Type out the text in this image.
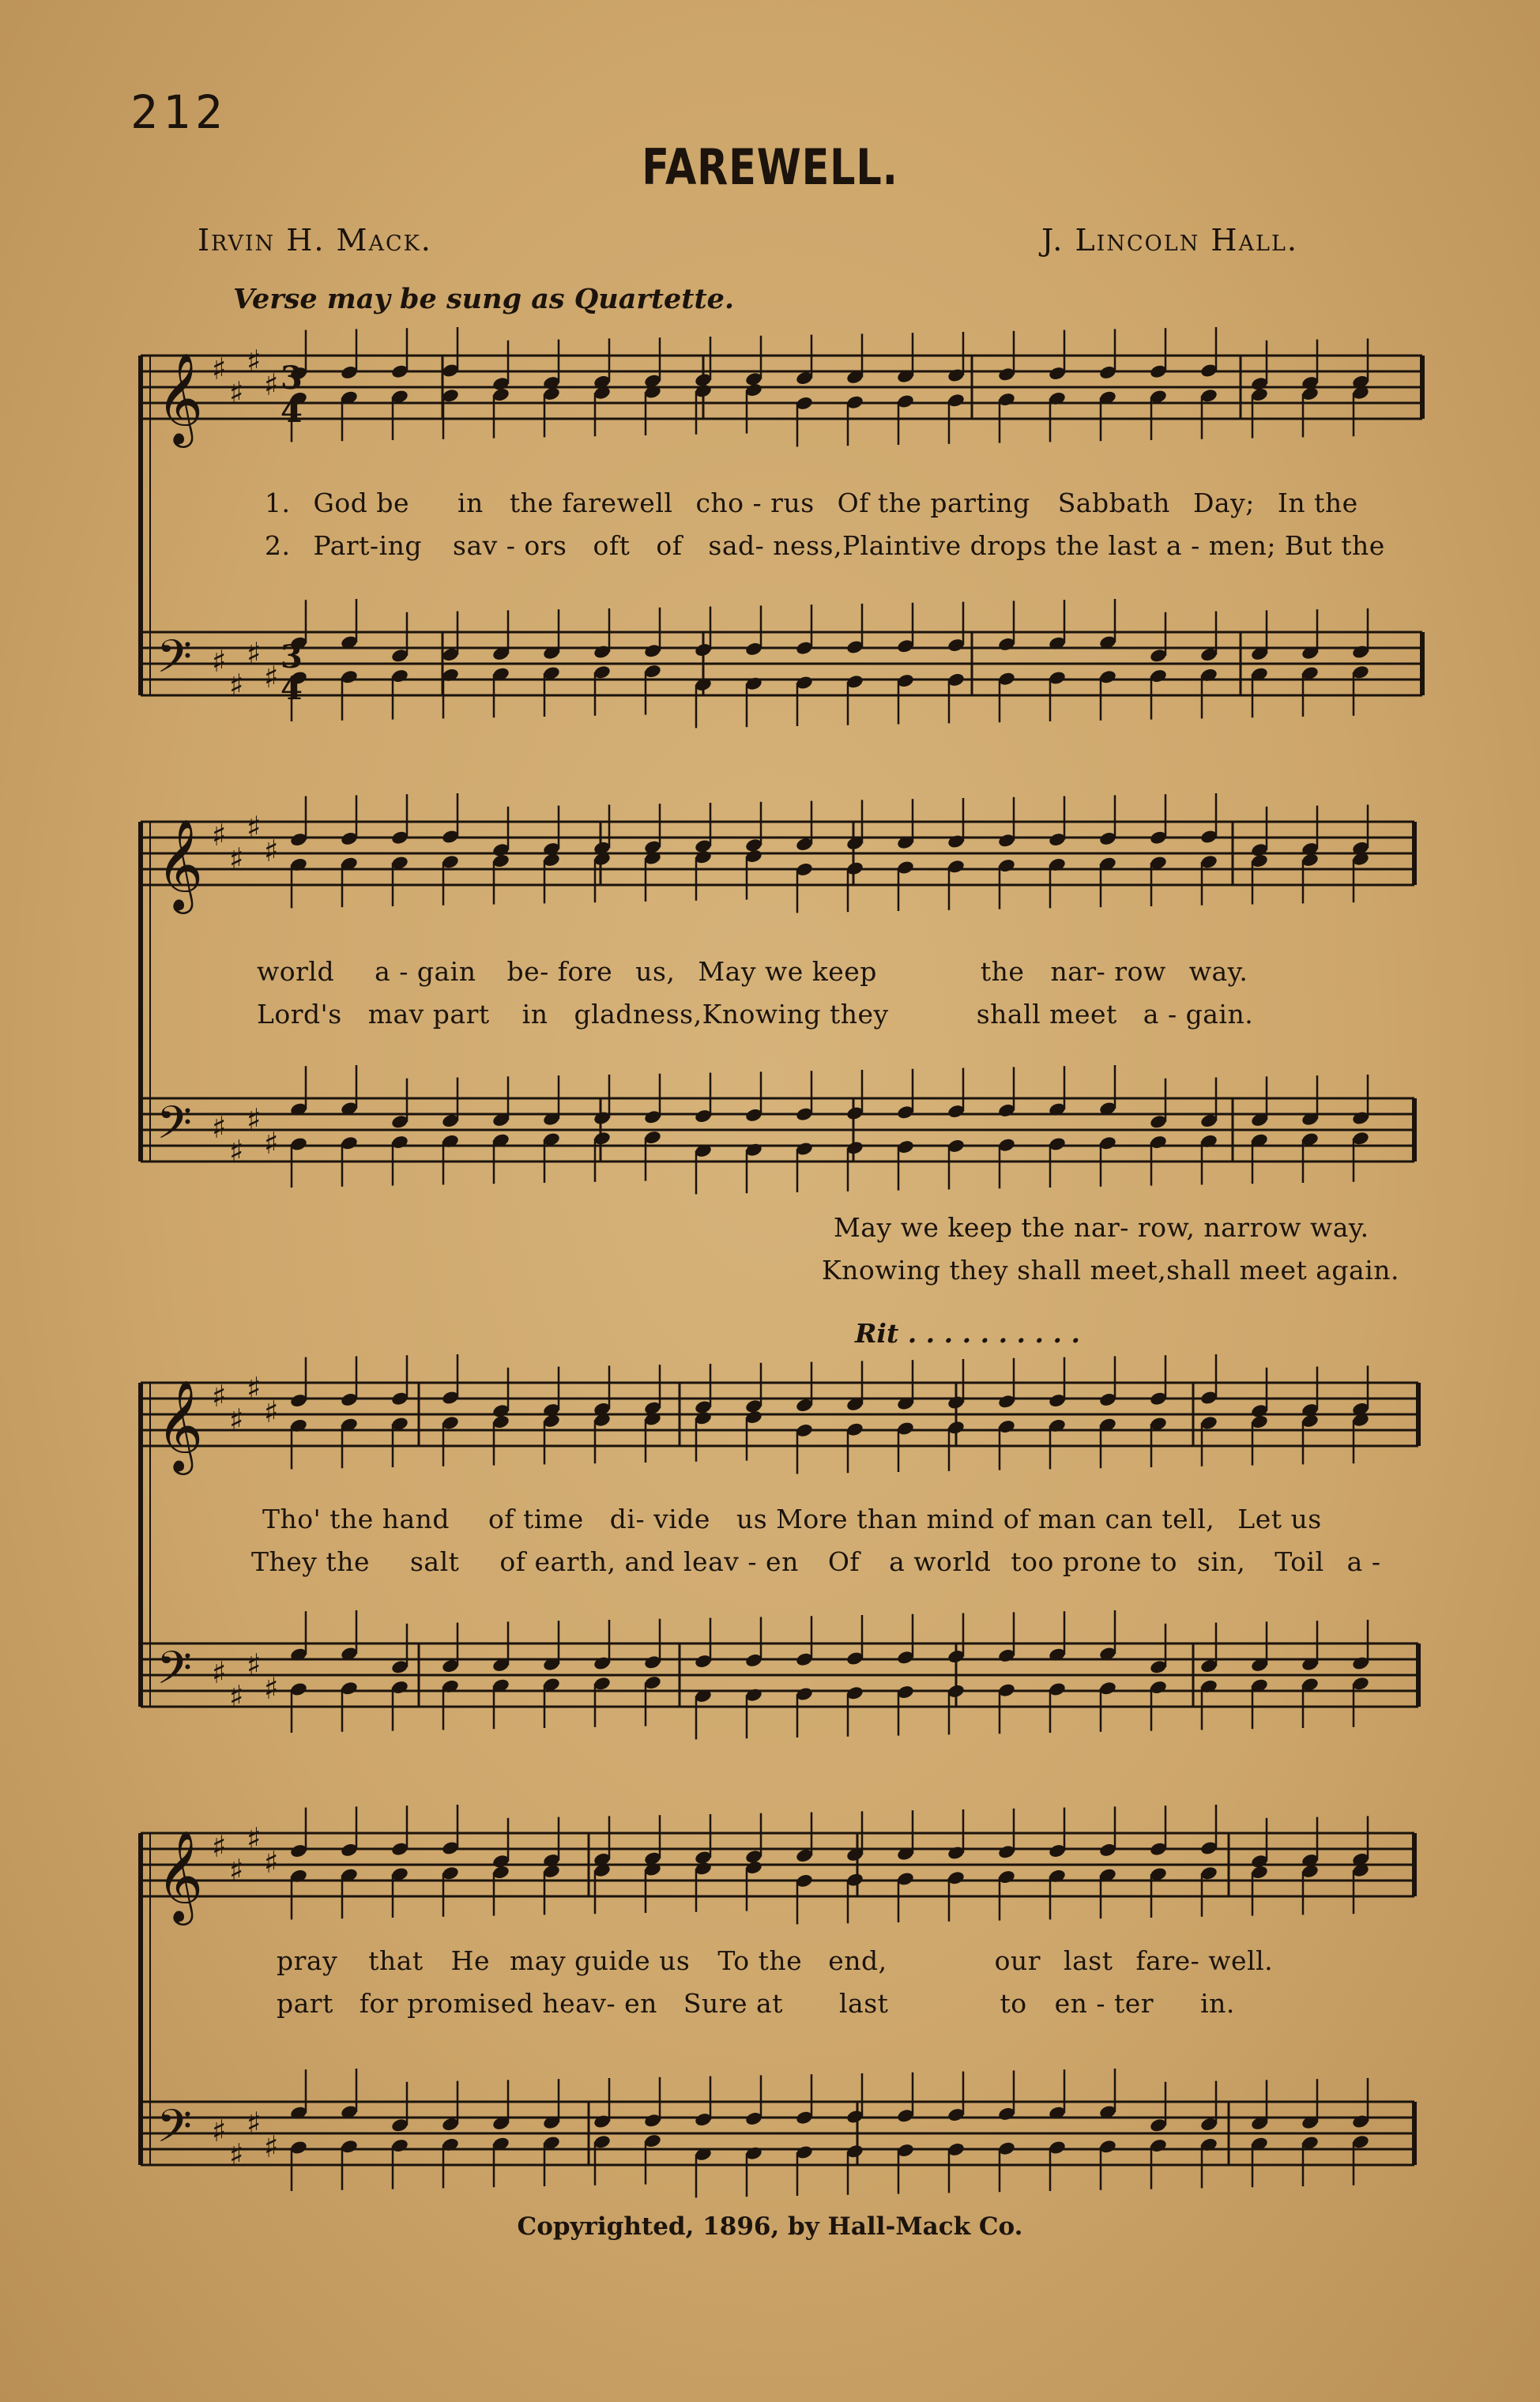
212
FAREWELL.
Irvin H. Mack.	J. Lincoln Hall.
Verse may be sung as Quartette.
𝄞
𝄢
♯
♯
♯
♯
♯
♯
♯
♯
𝄞
𝄢
♯
♯
♯
♯
♯
♯
♯
♯
𝄞
𝄢
♯
♯
♯
♯
♯
♯
♯
♯
𝄞
𝄢
♯
♯
♯
♯
♯
♯
♯
♯
3
4
3
4
1. God be in the farewell cho - rus Of the parting Sabbath Day; In the
2. Part-ing sav - ors oft of sad- ness,Plaintive drops the last a - men; But the
world a - gain be- fore us, May we keep	the nar- row way.
Lord's mav part in gladness,Knowing they	shall meet a - gain.
May we keep the nar- row, narrow way.
Knowing they shall meet,shall meet again.
Rit . . . . . . . . . .
Tho' the hand of time di- vide us More than mind of man can tell, Let us
They the salt of earth, and leav - en Of a world too prone to sin, Toil a -
pray that He may guide us To the end,	our last fare- well.
part for promised heav- en Sure at last	to en - ter in.
Copyrighted, 1896, by Hall-Mack Co.
